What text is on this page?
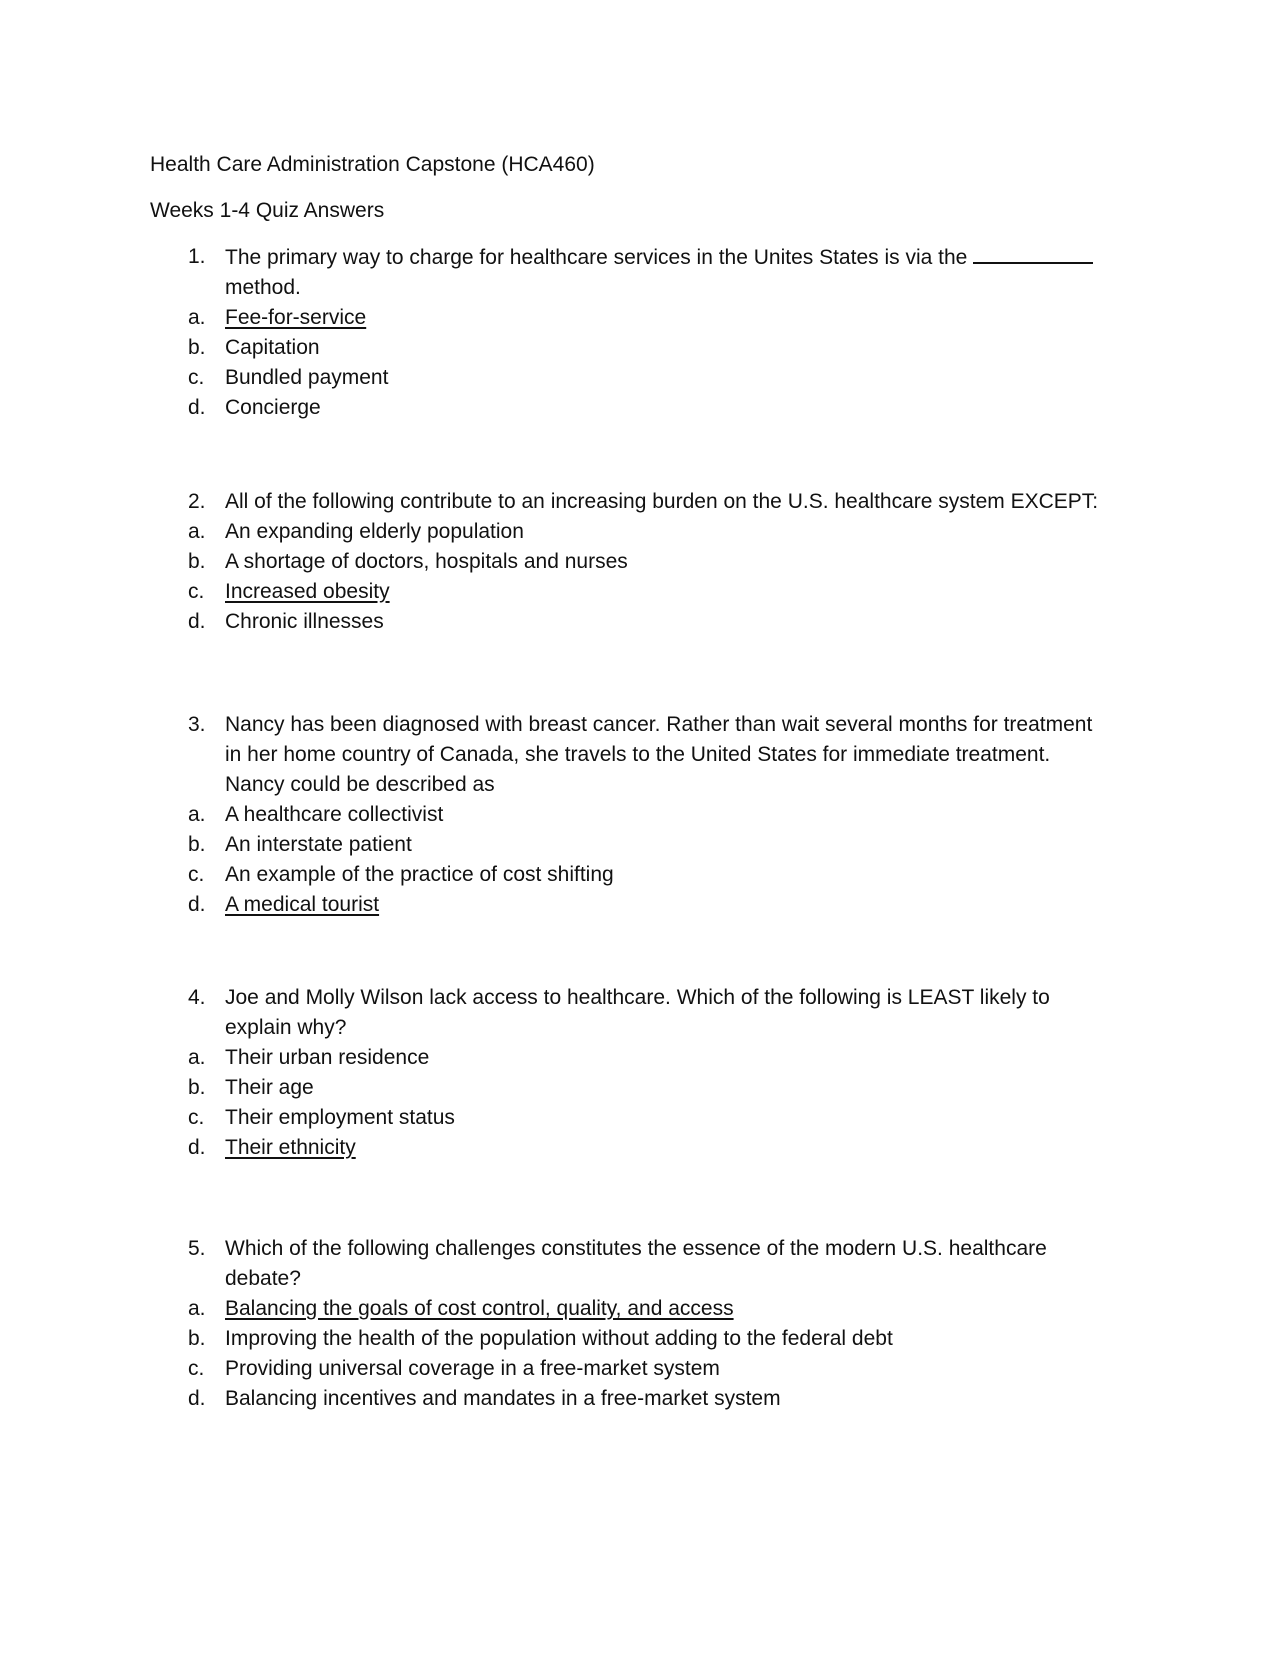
Health Care Administration Capstone (HCA460)
Weeks 1-4 Quiz Answers
1. The primary way to charge for healthcare services in the Unites States is via the
method.
a. Fee-for-service
b. Capitation
c. Bundled payment
d. Concierge
2. All of the following contribute to an increasing burden on the U.S. healthcare system EXCEPT:
a. An expanding elderly population
b. A shortage of doctors, hospitals and nurses
c. Increased obesity
d. Chronic illnesses
3. Nancy has been diagnosed with breast cancer. Rather than wait several months for treatment in her home country of Canada, she travels to the United States for immediate treatment. Nancy could be described as
a. A healthcare collectivist
b. An interstate patient
c. An example of the practice of cost shifting
d. A medical tourist
4. Joe and Molly Wilson lack access to healthcare. Which of the following is LEAST likely to explain why?
a. Their urban residence
b. Their age
c. Their employment status
d. Their ethnicity
5. Which of the following challenges constitutes the essence of the modern U.S. healthcare debate?
a. Balancing the goals of cost control, quality, and access
b. Improving the health of the population without adding to the federal debt
c. Providing universal coverage in a free-market system
d. Balancing incentives and mandates in a free-market system
